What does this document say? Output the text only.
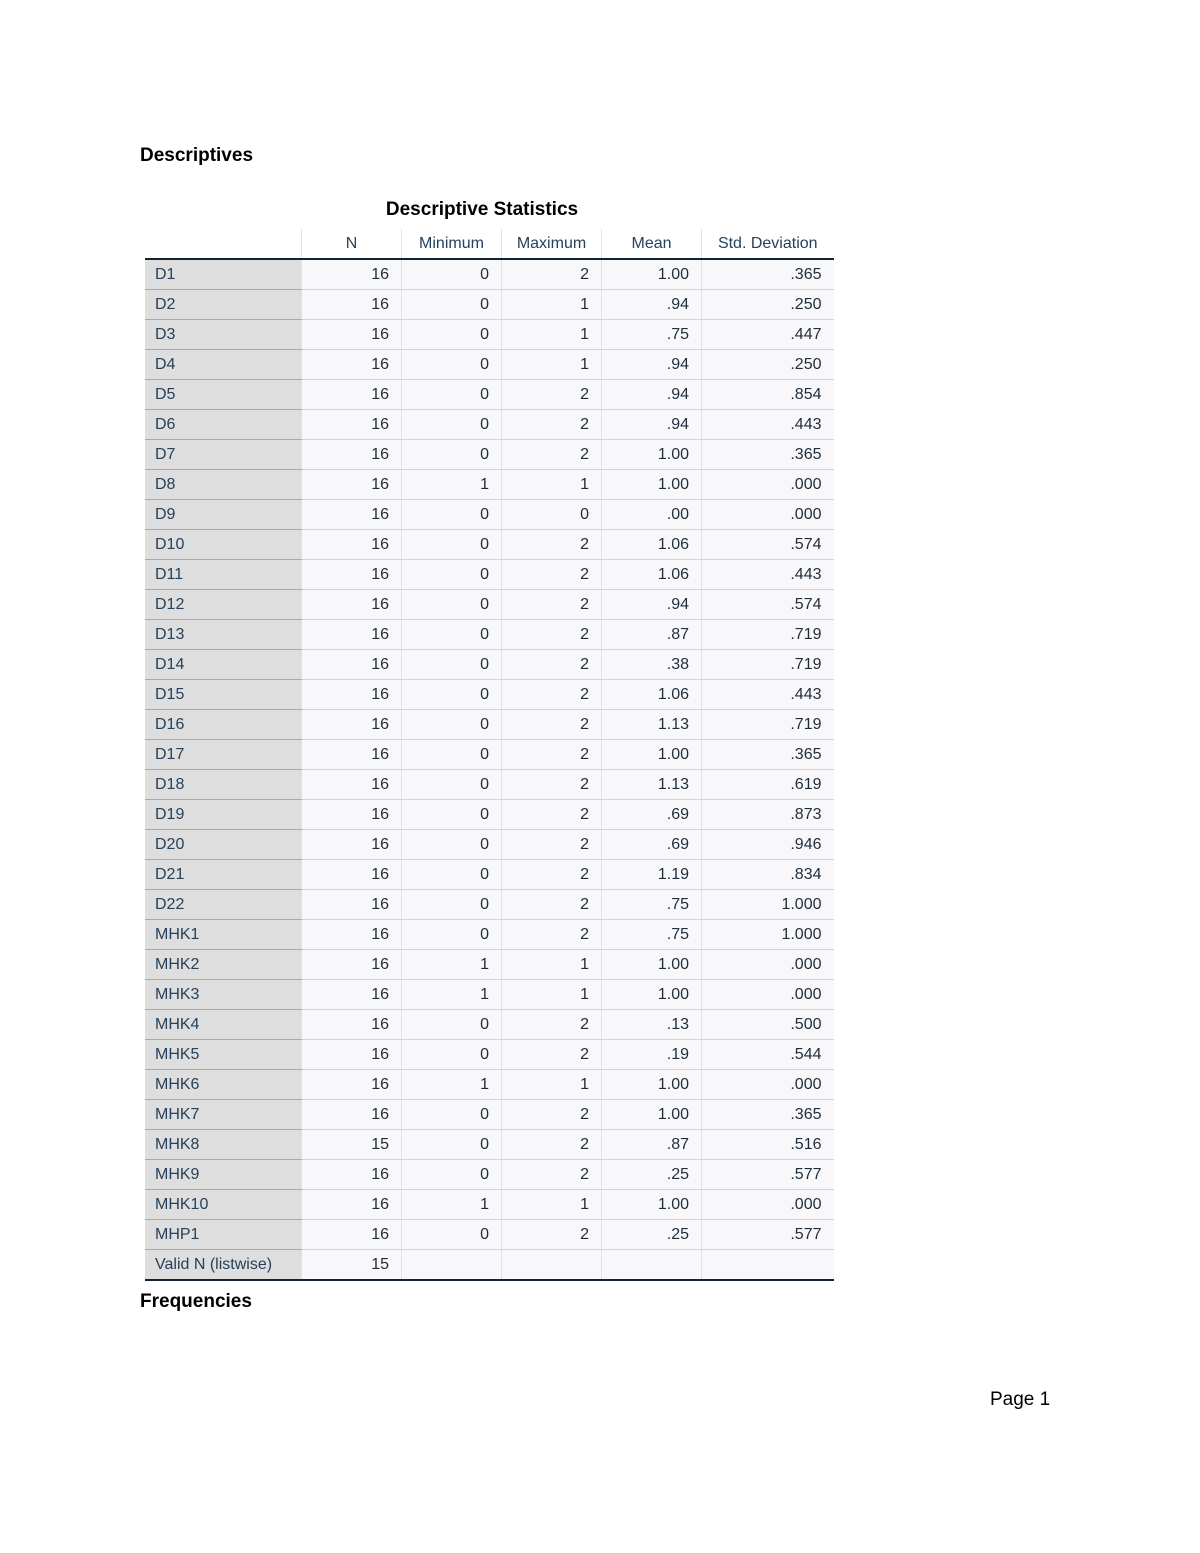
Descriptives
Descriptive Statistics
	N	Minimum	Maximum	Mean	Std. Deviation
D1	16	0	2	1.00	.365
D2	16	0	1	.94	.250
D3	16	0	1	.75	.447
D4	16	0	1	.94	.250
D5	16	0	2	.94	.854
D6	16	0	2	.94	.443
D7	16	0	2	1.00	.365
D8	16	1	1	1.00	.000
D9	16	0	0	.00	.000
D10	16	0	2	1.06	.574
D11	16	0	2	1.06	.443
D12	16	0	2	.94	.574
D13	16	0	2	.87	.719
D14	16	0	2	.38	.719
D15	16	0	2	1.06	.443
D16	16	0	2	1.13	.719
D17	16	0	2	1.00	.365
D18	16	0	2	1.13	.619
D19	16	0	2	.69	.873
D20	16	0	2	.69	.946
D21	16	0	2	1.19	.834
D22	16	0	2	.75	1.000
MHK1	16	0	2	.75	1.000
MHK2	16	1	1	1.00	.000
MHK3	16	1	1	1.00	.000
MHK4	16	0	2	.13	.500
MHK5	16	0	2	.19	.544
MHK6	16	1	1	1.00	.000
MHK7	16	0	2	1.00	.365
MHK8	15	0	2	.87	.516
MHK9	16	0	2	.25	.577
MHK10	16	1	1	1.00	.000
MHP1	16	0	2	.25	.577
Valid N (listwise)	15				
Frequencies
Page 1
